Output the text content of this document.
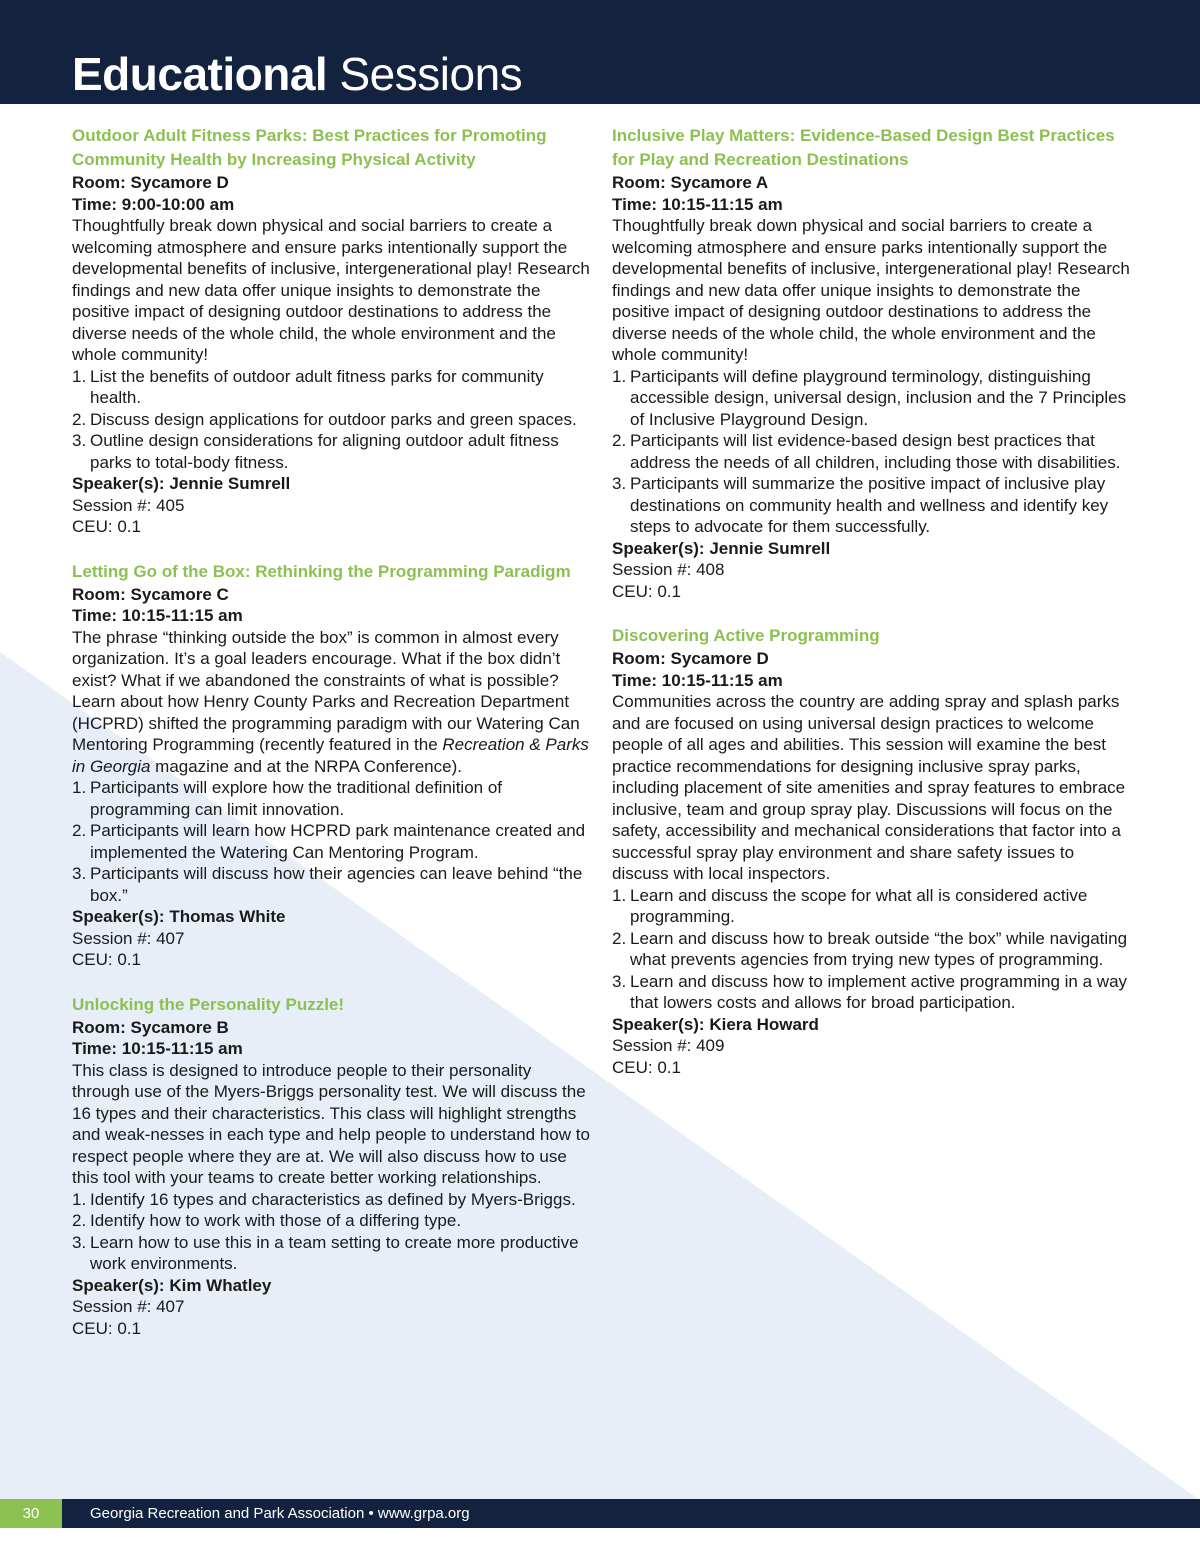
Educational Sessions

Outdoor Adult Fitness Parks: Best Practices for Promoting Community Health by Increasing Physical Activity

Room: Sycamore D

Time: 9:00-10:00 am

Thoughtfully break down physical and social barriers to create a welcoming atmosphere and ensure parks intentionally support the developmental benefits of inclusive, intergenerational play! Research findings and new data offer unique insights to demonstrate the positive impact of designing outdoor destinations to address the diverse needs of the whole child, the whole environment and the whole community!

1. List the benefits of outdoor adult fitness parks for community health.
2. Discuss design applications for outdoor parks and green spaces.
3. Outline design considerations for aligning outdoor adult fitness parks to total-body fitness.

Speaker(s): Jennie Sumrell

Session #: 405

CEU: 0.1

Letting Go of the Box: Rethinking the Programming Paradigm

Room: Sycamore C

Time: 10:15-11:15 am

The phrase “thinking outside the box” is common in almost every organization. It’s a goal leaders encourage. What if the box didn’t exist? What if we abandoned the constraints of what is possible? Learn about how Henry County Parks and Recreation Department (HCPRD) shifted the programming paradigm with our Watering Can Mentoring Programming (recently featured in the Recreation & Parks in Georgia magazine and at the NRPA Conference).

1. Participants will explore how the traditional definition of programming can limit innovation.
2. Participants will learn how HCPRD park maintenance created and implemented the Watering Can Mentoring Program.
3. Participants will discuss how their agencies can leave behind “the box.”

Speaker(s): Thomas White

Session #: 407

CEU: 0.1

Unlocking the Personality Puzzle!

Room: Sycamore B

Time: 10:15-11:15 am

This class is designed to introduce people to their personality through use of the Myers-Briggs personality test. We will discuss the 16 types and their characteristics. This class will highlight strengths and weak-nesses in each type and help people to understand how to respect people where they are at. We will also discuss how to use this tool with your teams to create better working relationships.

1. Identify 16 types and characteristics as defined by Myers-Briggs.
2. Identify how to work with those of a differing type.
3. Learn how to use this in a team setting to create more productive work environments.

Speaker(s): Kim Whatley

Session #: 407

CEU: 0.1

Inclusive Play Matters: Evidence-Based Design Best Practices for Play and Recreation Destinations

Room: Sycamore A

Time: 10:15-11:15 am

Thoughtfully break down physical and social barriers to create a welcoming atmosphere and ensure parks intentionally support the developmental benefits of inclusive, intergenerational play! Research findings and new data offer unique insights to demonstrate the positive impact of designing outdoor destinations to address the diverse needs of the whole child, the whole environment and the whole community!

1. Participants will define playground terminology, distinguishing accessible design, universal design, inclusion and the 7 Principles of Inclusive Playground Design.
2. Participants will list evidence-based design best practices that address the needs of all children, including those with disabilities.
3. Participants will summarize the positive impact of inclusive play destinations on community health and wellness and identify key steps to advocate for them successfully.

Speaker(s): Jennie Sumrell

Session #: 408

CEU: 0.1

Discovering Active Programming

Room: Sycamore D

Time: 10:15-11:15 am

Communities across the country are adding spray and splash parks and are focused on using universal design practices to welcome people of all ages and abilities. This session will examine the best practice recommendations for designing inclusive spray parks, including placement of site amenities and spray features to embrace inclusive, team and group spray play. Discussions will focus on the safety, accessibility and mechanical considerations that factor into a successful spray play environment and share safety issues to discuss with local inspectors.

1. Learn and discuss the scope for what all is considered active programming.
2. Learn and discuss how to break outside “the box” while navigating what prevents agencies from trying new types of programming.
3. Learn and discuss how to implement active programming in a way that lowers costs and allows for broad participation.

Speaker(s): Kiera Howard

Session #: 409

CEU: 0.1

30	Georgia Recreation and Park Association • www.grpa.org
